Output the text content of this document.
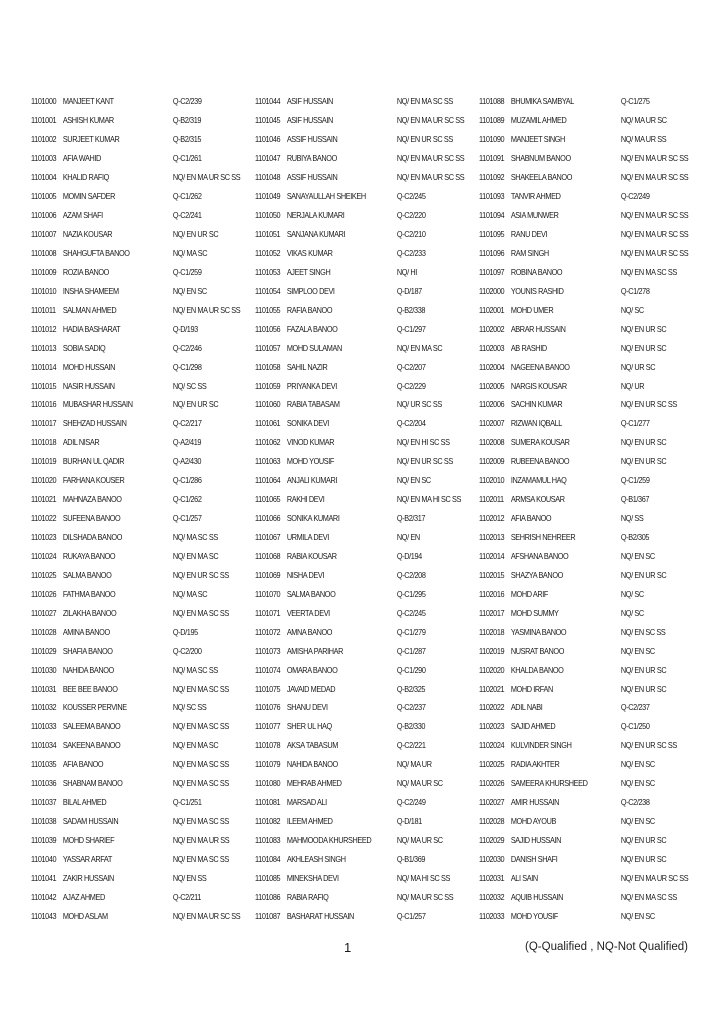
1101000 MANJEET KANT	Q-C2/239
1101001 ASHISH KUMAR	Q-B2/319
1101002 SURJEET KUMAR	Q-B2/315
1101003 AFIA WAHID	Q-C1/261
1101004 KHALID RAFIQ	NQ/ EN MA UR SC SS
1101005 MOMIN SAFDER	Q-C1/262
1101006 AZAM SHAFI	Q-C2/241
1101007 NAZIA KOUSAR	NQ/ EN UR SC
1101008 SHAHGUFTA BANOO	NQ/ MA SC
1101009 ROZIA BANOO	Q-C1/259
1101010 INSHA SHAMEEM	NQ/ EN SC
1101011 SALMAN AHMED	NQ/ EN MA UR SC SS
1101012 HADIA BASHARAT	Q-D/193
1101013 SOBIA SADIQ	Q-C2/246
1101014 MOHD HUSSAIN	Q-C1/298
1101015 NASIR HUSSAIN	NQ/ SC SS
1101016 MUBASHAR HUSSAIN	NQ/ EN UR SC
1101017 SHEHZAD HUSSAIN	Q-C2/217
1101018 ADIL NISAR	Q-A2/419
1101019 BURHAN UL QADIR	Q-A2/430
1101020 FARHANA KOUSER	Q-C1/286
1101021 MAHNAZA BANOO	Q-C1/262
1101022 SUFEENA BANOO	Q-C1/257
1101023 DILSHADA BANOO	NQ/ MA SC SS
1101024 RUKAYA BANOO	NQ/ EN MA SC
1101025 SALMA BANOO	NQ/ EN UR SC SS
1101026 FATHMA BANOO	NQ/ MA SC
1101027 ZILAKHA BANOO	NQ/ EN MA SC SS
1101028 AMINA BANOO	Q-D/195
1101029 SHAFIA BANOO	Q-C2/200
1101030 NAHIDA BANOO	NQ/ MA SC SS
1101031 BEE BEE BANOO	NQ/ EN MA SC SS
1101032 KOUSSER PERVINE	NQ/ SC SS
1101033 SALEEMA BANOO	NQ/ EN MA SC SS
1101034 SAKEENA BANOO	NQ/ EN MA SC
1101035 AFIA BANOO	NQ/ EN MA SC SS
1101036 SHABNAM BANOO	NQ/ EN MA SC SS
1101037 BILAL AHMED	Q-C1/251
1101038 SADAM HUSSAIN	NQ/ EN MA SC SS
1101039 MOHD SHARIEF	NQ/ EN MA UR SS
1101040 YASSAR ARFAT	NQ/ EN MA SC SS
1101041 ZAKIR HUSSAIN	NQ/ EN SS
1101042 AJAZ AHMED	Q-C2/211
1101043 MOHD ASLAM	NQ/ EN MA UR SC SS
1101044 ASIF HUSSAIN	NQ/ EN MA SC SS
1101045 ASIF HUSSAIN	NQ/ EN MA UR SC SS
1101046 ASSIF HUSSAIN	NQ/ EN UR SC SS
1101047 RUBIYA BANOO	NQ/ EN MA UR SC SS
1101048 ASSIF HUSSAIN	NQ/ EN MA UR SC SS
1101049 SANAYAULLAH SHEIKEH	Q-C2/245
1101050 NERJALA KUMARI	Q-C2/220
1101051 SANJANA KUMARI	Q-C2/210
1101052 VIKAS KUMAR	Q-C2/233
1101053 AJEET SINGH	NQ/ HI
1101054 SIMPLOO DEVI	Q-D/187
1101055 RAFIA BANOO	Q-B2/338
1101056 FAZALA BANOO	Q-C1/297
1101057 MOHD SULAMAN	NQ/ EN MA SC
1101058 SAHIL NAZIR	Q-C2/207
1101059 PRIYANKA DEVI	Q-C2/229
1101060 RABIA TABASAM	NQ/ UR SC SS
1101061 SONIKA DEVI	Q-C2/204
1101062 VINOD KUMAR	NQ/ EN HI SC SS
1101063 MOHD YOUSIF	NQ/ EN UR SC SS
1101064 ANJALI KUMARI	NQ/ EN SC
1101065 RAKHI DEVI	NQ/ EN MA HI SC SS
1101066 SONIKA KUMARI	Q-B2/317
1101067 URMILA DEVI	NQ/ EN
1101068 RABIA KOUSAR	Q-D/194
1101069 NISHA DEVI	Q-C2/208
1101070 SALMA BANOO	Q-C1/295
1101071 VEERTA DEVI	Q-C2/245
1101072 AMNA BANOO	Q-C1/279
1101073 AMISHA PARIHAR	Q-C1/287
1101074 OMARA BANOO	Q-C1/290
1101075 JAVAID MEDAD	Q-B2/325
1101076 SHANU DEVI	Q-C2/237
1101077 SHER UL HAQ	Q-B2/330
1101078 AKSA TABASUM	Q-C2/221
1101079 NAHIDA BANOO	NQ/ MA UR
1101080 MEHRAB AHMED	NQ/ MA UR SC
1101081 MARSAD ALI	Q-C2/249
1101082 ILEEM AHMED	Q-D/181
1101083 MAHMOODA KHURSHEED	NQ/ MA UR SC
1101084 AKHLEASH SINGH	Q-B1/369
1101085 MINEKSHA DEVI	NQ/ MA HI SC SS
1101086 RABIA RAFIQ	NQ/ MA UR SC SS
1101087 BASHARAT HUSSAIN	Q-C1/257
1101088 BHUMIKA SAMBYAL	Q-C1/275
1101089 MUZAMIL AHMED	NQ/ MA UR SC
1101090 MANJEET SINGH	NQ/ MA UR SS
1101091 SHABNUM BANOO	NQ/ EN MA UR SC SS
1101092 SHAKEELA BANOO	NQ/ EN MA UR SC SS
1101093 TANVIR AHMED	Q-C2/249
1101094 ASIA MUNWER	NQ/ EN MA UR SC SS
1101095 RANU DEVI	NQ/ EN MA UR SC SS
1101096 RAM SINGH	NQ/ EN MA UR SC SS
1101097 ROBINA BANOO	NQ/ EN MA SC SS
1102000 YOUNIS RASHID	Q-C1/278
1102001 MOHD UMER	NQ/ SC
1102002 ABRAR HUSSAIN	NQ/ EN UR SC
1102003 AB RASHID	NQ/ EN UR SC
1102004 NAGEENA BANOO	NQ/ UR SC
1102005 NARGIS KOUSAR	NQ/ UR
1102006 SACHIN KUMAR	NQ/ EN UR SC SS
1102007 RIZWAN IQBALL	Q-C1/277
1102008 SUMERA KOUSAR	NQ/ EN UR SC
1102009 RUBEENA BANOO	NQ/ EN UR SC
1102010 INZAMAMUL HAQ	Q-C1/259
1102011 ARMSA KOUSAR	Q-B1/367
1102012 AFIA BANOO	NQ/ SS
1102013 SEHRISH NEHREER	Q-B2/305
1102014 AFSHANA BANOO	NQ/ EN SC
1102015 SHAZYA BANOO	NQ/ EN UR SC
1102016 MOHD ARIF	NQ/ SC
1102017 MOHD SUMMY	NQ/ SC
1102018 YASMINA BANOO	NQ/ EN SC SS
1102019 NUSRAT BANOO	NQ/ EN SC
1102020 KHALDA BANOO	NQ/ EN UR SC
1102021 MOHD IRFAN	NQ/ EN UR SC
1102022 ADIL NABI	Q-C2/237
1102023 SAJID AHMED	Q-C1/250
1102024 KULVINDER SINGH	NQ/ EN UR SC SS
1102025 RADIA AKHTER	NQ/ EN SC
1102026 SAMEERA KHURSHEED	NQ/ EN SC
1102027 AMIR HUSSAIN	Q-C2/238
1102028 MOHD AYOUB	NQ/ EN SC
1102029 SAJID HUSSAIN	NQ/ EN UR SC
1102030 DANISH SHAFI	NQ/ EN UR SC
1102031 ALI SAIN	NQ/ EN MA UR SC SS
1102032 AQUIB HUSSAIN	NQ/ EN MA SC SS
1102033 MOHD YOUSIF	NQ/ EN SC
1	(Q-Qualified , NQ-Not Qualified)
